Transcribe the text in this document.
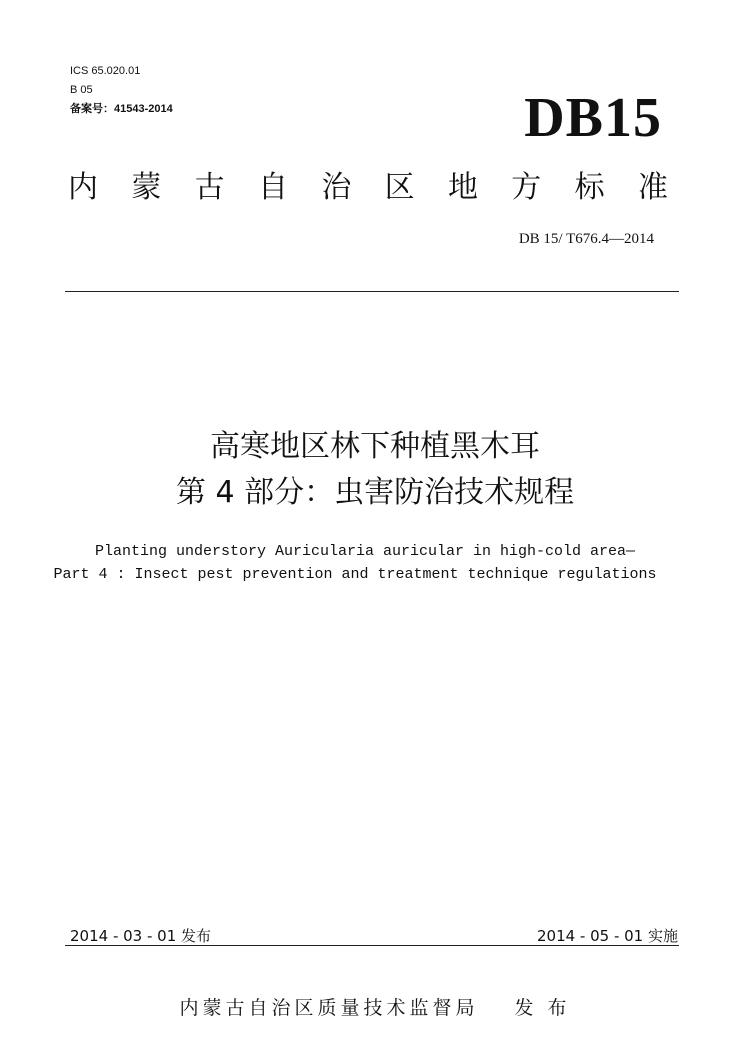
ICS 65.020.01
B 05
备案号：41543-2014	DB15
内 蒙 古 自 治 区 地 方 标 准
DB 15/ T676.4—2014
高寒地区林下种植黑木耳
第 4 部分：虫害防治技术规程
Planting understory Auricularia auricular in high-cold area—
Part 4 : Insect pest prevention and treatment technique regulations
2014 - 03 - 01 发布	2014 - 05 - 01 实施
内蒙古自治区质量技术监督局 发 布
